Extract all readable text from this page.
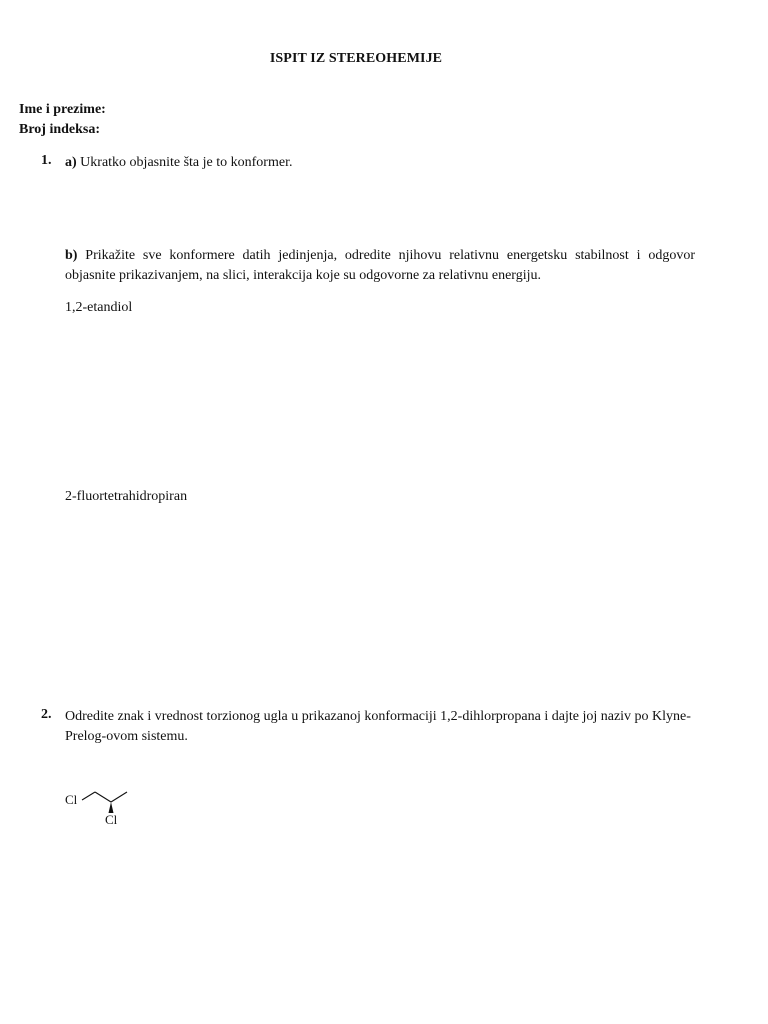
ISPIT IZ STEREOHEMIJE
Ime i prezime:
Broj indeksa:
1. a) Ukratko objasnite šta je to konformer.
b) Prikažite sve konformere datih jedinjenja, odredite njihovu relativnu energetsku stabilnost i odgovor objasnite prikazivanjem, na slici, interakcija koje su odgovorne za relativnu energiju.
1,2-etandiol
2-fluortetrahidropiran
2. Odredite znak i vrednost torzionog ugla u prikazanoj konformaciji 1,2-dihlorpropana i dajte joj naziv po Klyne-Prelog-ovom sistemu.
Cl
Cl
